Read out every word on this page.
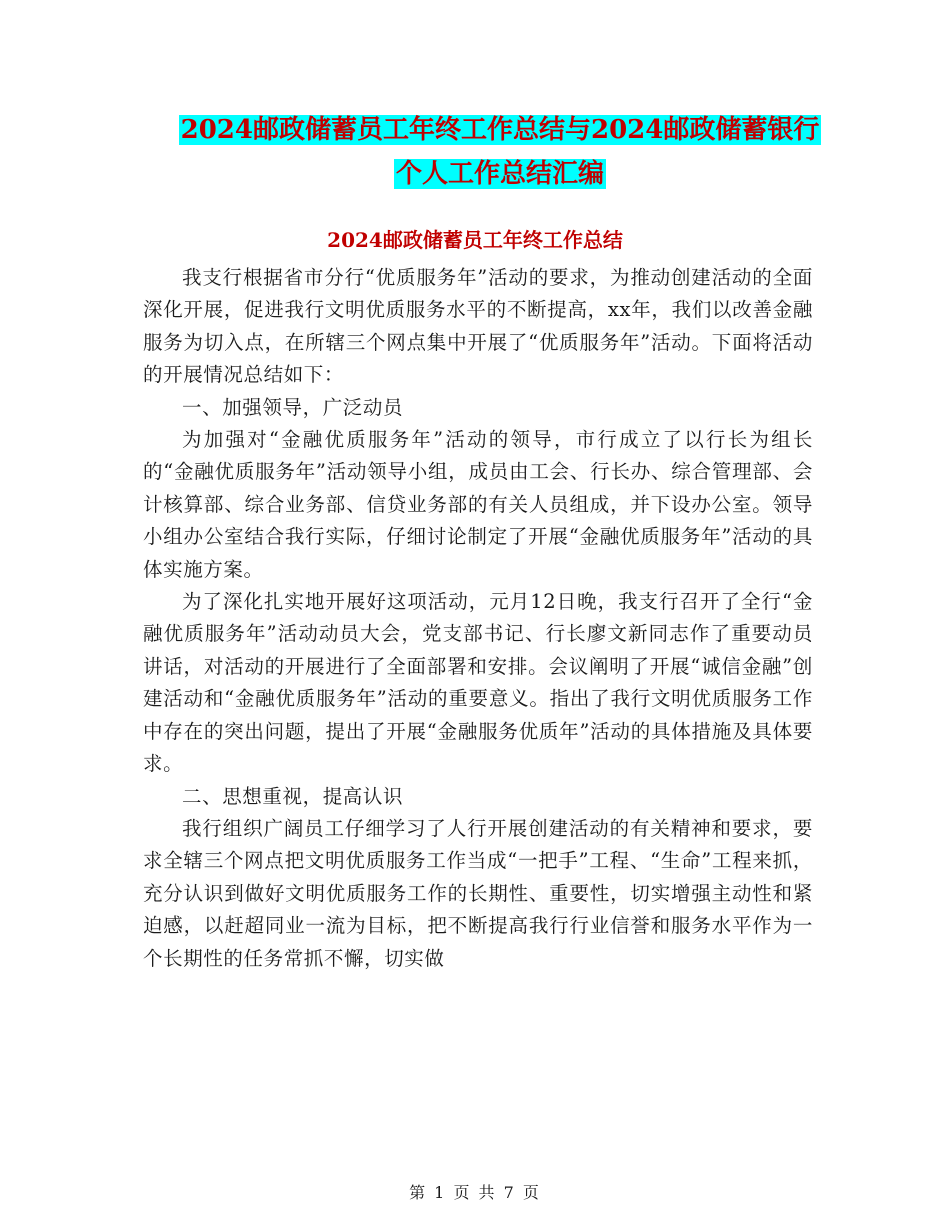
2024邮政储蓄员工年终工作总结与2024邮政储蓄银行
个人工作总结汇编
2024邮政储蓄员工年终工作总结

我支行根据省市分行“优质服务年”活动的要求，为推动创建活动的全面深化开展，促进我行文明优质服务水平的不断提高，xx年，我们以改善金融服务为切入点，在所辖三个网点集中开展了“优质服务年”活动。下面将活动的开展情况总结如下：

一、加强领导，广泛动员

为加强对“金融优质服务年”活动的领导，市行成立了以行长为组长的“金融优质服务年”活动领导小组，成员由工会、行长办、综合管理部、会计核算部、综合业务部、信贷业务部的有关人员组成，并下设办公室。领导小组办公室结合我行实际，仔细讨论制定了开展“金融优质服务年”活动的具体实施方案。

为了深化扎实地开展好这项活动，元月12日晚，我支行召开了全行“金融优质服务年”活动动员大会，党支部书记、行长廖文新同志作了重要动员讲话，对活动的开展进行了全面部署和安排。会议阐明了开展“诚信金融”创建活动和“金融优质服务年”活动的重要意义。指出了我行文明优质服务工作中存在的突出问题，提出了开展“金融服务优质年”活动的具体措施及具体要求。

二、思想重视，提高认识

我行组织广阔员工仔细学习了人行开展创建活动的有关精神和要求，要求全辖三个网点把文明优质服务工作当成“一把手”工程、“生命”工程来抓，充分认识到做好文明优质服务工作的长期性、重要性，切实增强主动性和紧迫感，以赶超同业一流为目标，把不断提高我行行业信誉和服务水平作为一个长期性的任务常抓不懈，切实做

第 1 页 共 7 页
